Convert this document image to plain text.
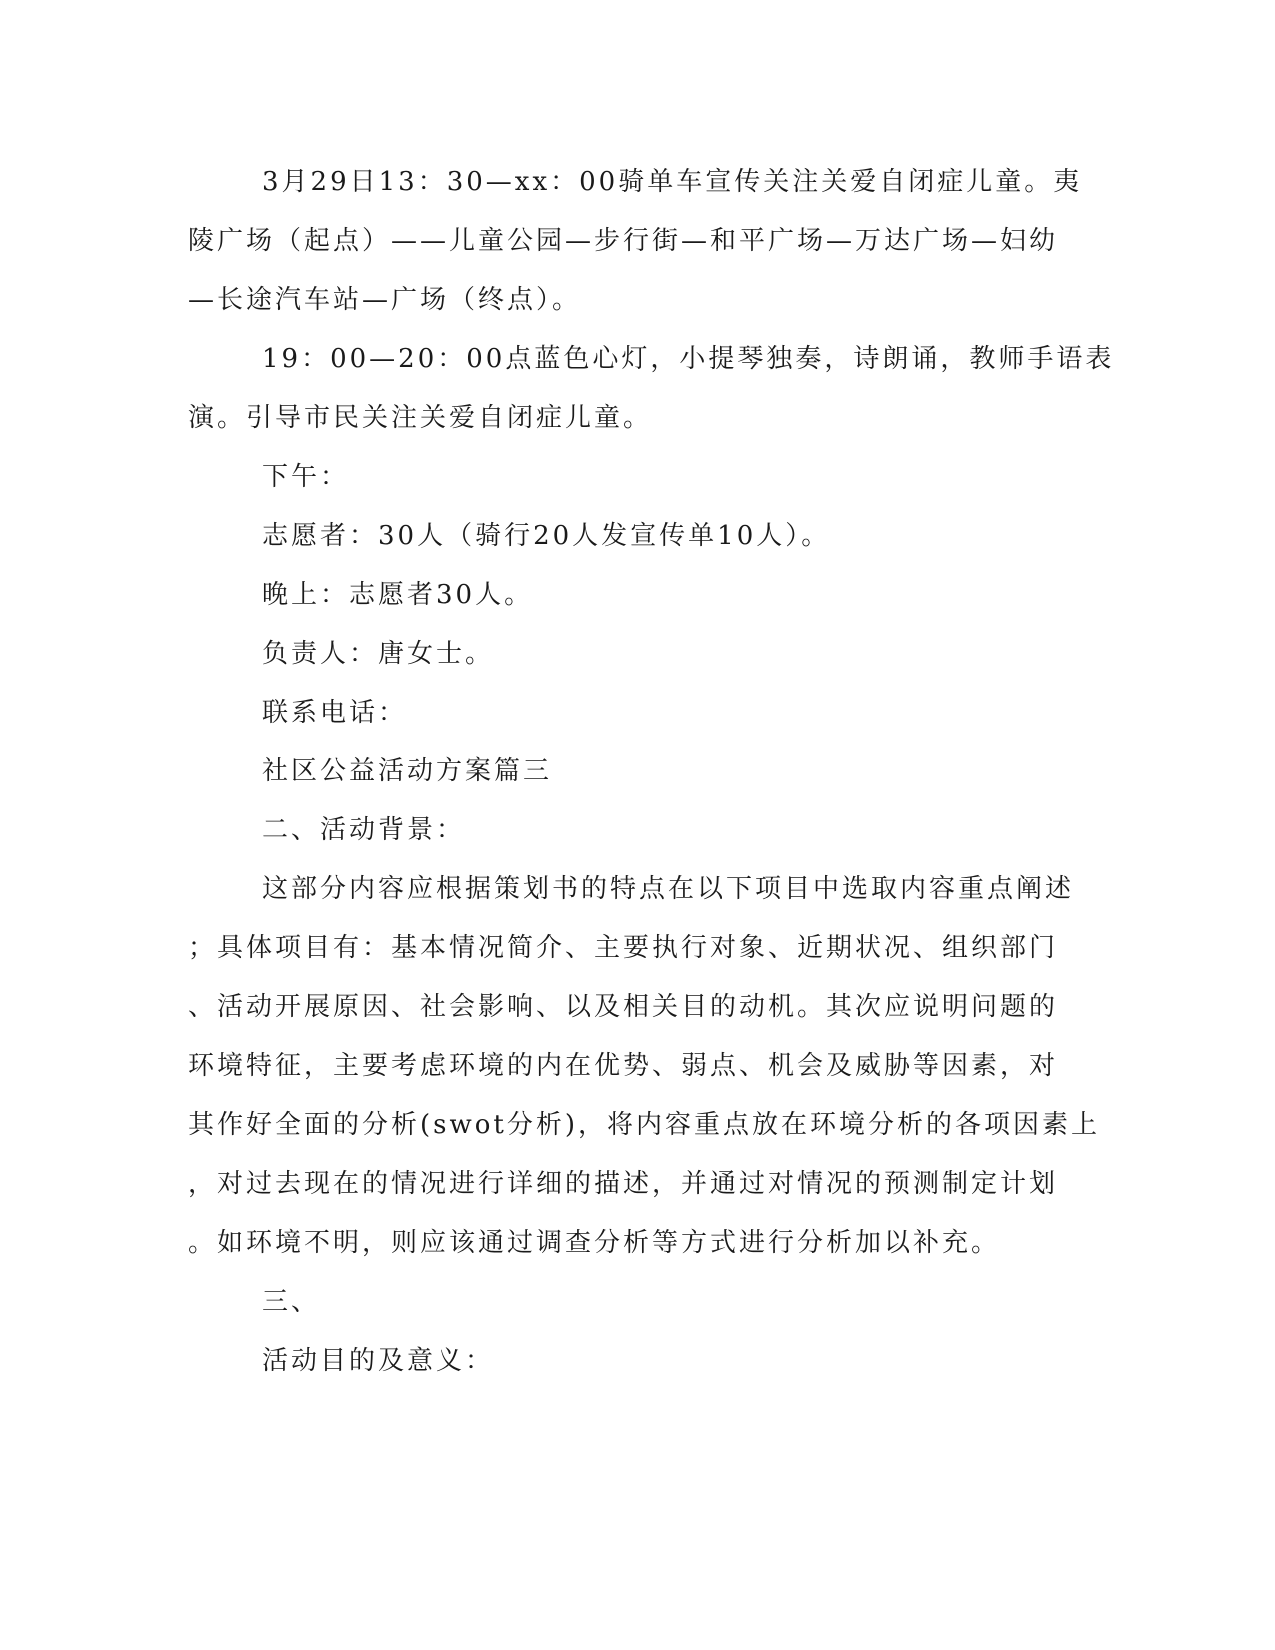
3月29日13：30—xx：00骑单车宣传关注关爱自闭症儿童。夷
陵广场（起点）——儿童公园—步行街—和平广场—万达广场—妇幼
—长途汽车站—广场（终点）。
19：00—20：00点蓝色心灯，小提琴独奏，诗朗诵，教师手语表
演。引导市民关注关爱自闭症儿童。
下午：
志愿者：30人（骑行20人发宣传单10人）。
晚上：志愿者30人。
负责人：唐女士。
联系电话：
社区公益活动方案篇三
二、活动背景：
这部分内容应根据策划书的特点在以下项目中选取内容重点阐述
；具体项目有：基本情况简介、主要执行对象、近期状况、组织部门
、活动开展原因、社会影响、以及相关目的动机。其次应说明问题的
环境特征，主要考虑环境的内在优势、弱点、机会及威胁等因素，对
其作好全面的分析(swot分析)，将内容重点放在环境分析的各项因素上
，对过去现在的情况进行详细的描述，并通过对情况的预测制定计划
。如环境不明，则应该通过调查分析等方式进行分析加以补充。
三、
活动目的及意义：
